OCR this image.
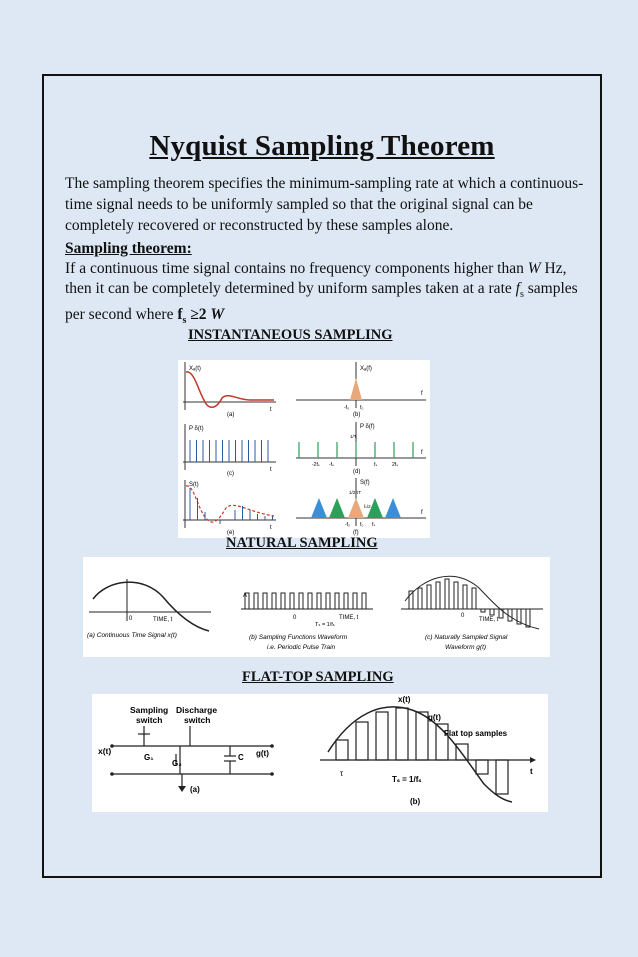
Nyquist Sampling Theorem
The sampling theorem specifies the minimum-sampling rate at which a continuous-time signal needs to be uniformly sampled so that the original signal can be completely recovered or reconstructed by these samples alone.
Sampling theorem:
If a continuous time signal contains no frequency components higher than W Hz, then it can be completely determined by uniform samples taken at a rate $f_s$ samples per second where $f_s \ge 2$ W
INSTANTANEOUS SAMPLING
Xₐ(t)
t
(a)
Xₐ(f)
f
-f₀ f₀
(b)
P δ(t)
t
(c)
P δ(f)
1/T
f
-2fₛ -fₛ	fₛ	2fₛ
(d)
S(t)
t
(e)
S(f)
1/2πT
fₛ/2
f
-f₀ f₀ fₛ
(f)
NATURAL SAMPLING
0	TIME, t
(a) Continuous Time Signal x(t)
A
0
Tₛ = 1/fₛ
TIME, t
(b) Sampling Functions Waveform
i.e. Periodic Pulse Train
0
TIME, t
(c) Naturally Sampled Signal
Waveform g(t)
FLAT-TOP SAMPLING
Sampling Discharge
switch	switch
x(t)
G₁
G₂
C g(t)
(a)
x(t)
g(t)
Flat top samples
t
τ
Tₛ = 1/fₛ
(b)
